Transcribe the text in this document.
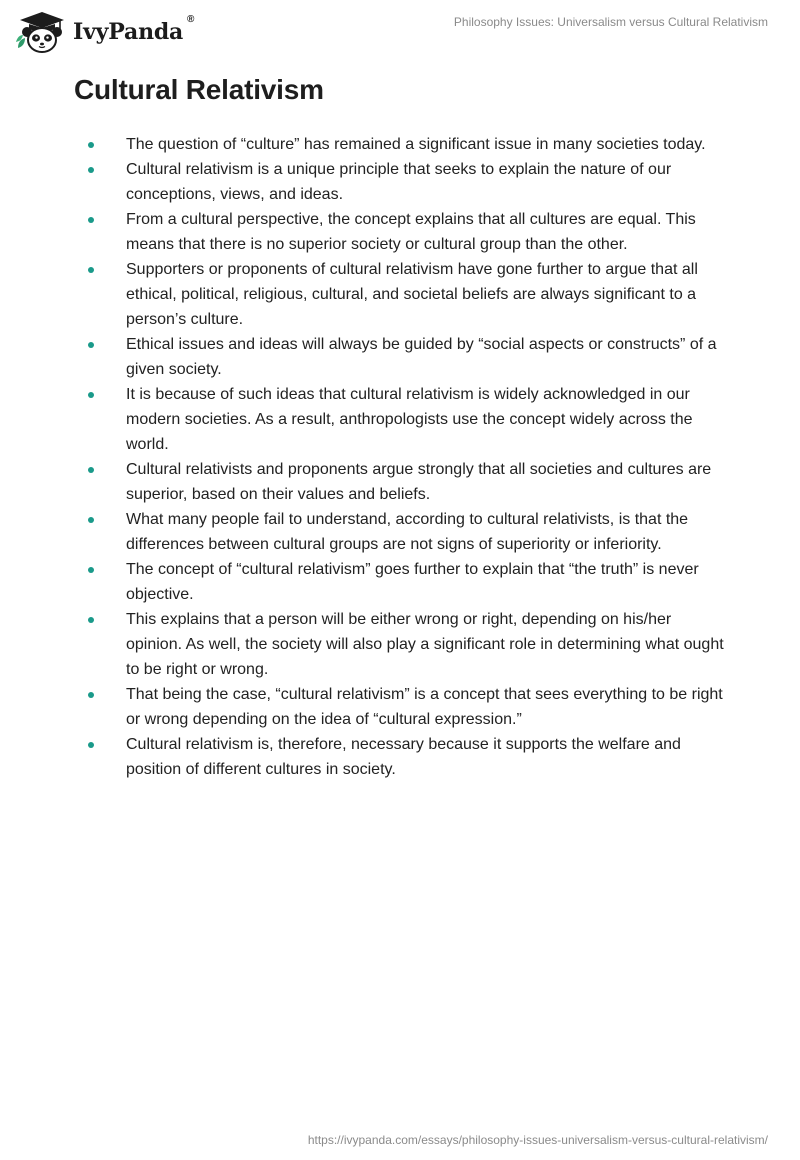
IvyPanda ®	Philosophy Issues: Universalism versus Cultural Relativism
Cultural Relativism
The question of “culture” has remained a significant issue in many societies today.
Cultural relativism is a unique principle that seeks to explain the nature of our conceptions, views, and ideas.
From a cultural perspective, the concept explains that all cultures are equal. This means that there is no superior society or cultural group than the other.
Supporters or proponents of cultural relativism have gone further to argue that all ethical, political, religious, cultural, and societal beliefs are always significant to a person’s culture.
Ethical issues and ideas will always be guided by “social aspects or constructs” of a given society.
It is because of such ideas that cultural relativism is widely acknowledged in our modern societies. As a result, anthropologists use the concept widely across the world.
Cultural relativists and proponents argue strongly that all societies and cultures are superior, based on their values and beliefs.
What many people fail to understand, according to cultural relativists, is that the differences between cultural groups are not signs of superiority or inferiority.
The concept of “cultural relativism” goes further to explain that “the truth” is never objective.
This explains that a person will be either wrong or right, depending on his/her opinion. As well, the society will also play a significant role in determining what ought to be right or wrong.
That being the case, “cultural relativism” is a concept that sees everything to be right or wrong depending on the idea of “cultural expression.”
Cultural relativism is, therefore, necessary because it supports the welfare and position of different cultures in society.
https://ivypanda.com/essays/philosophy-issues-universalism-versus-cultural-relativism/
